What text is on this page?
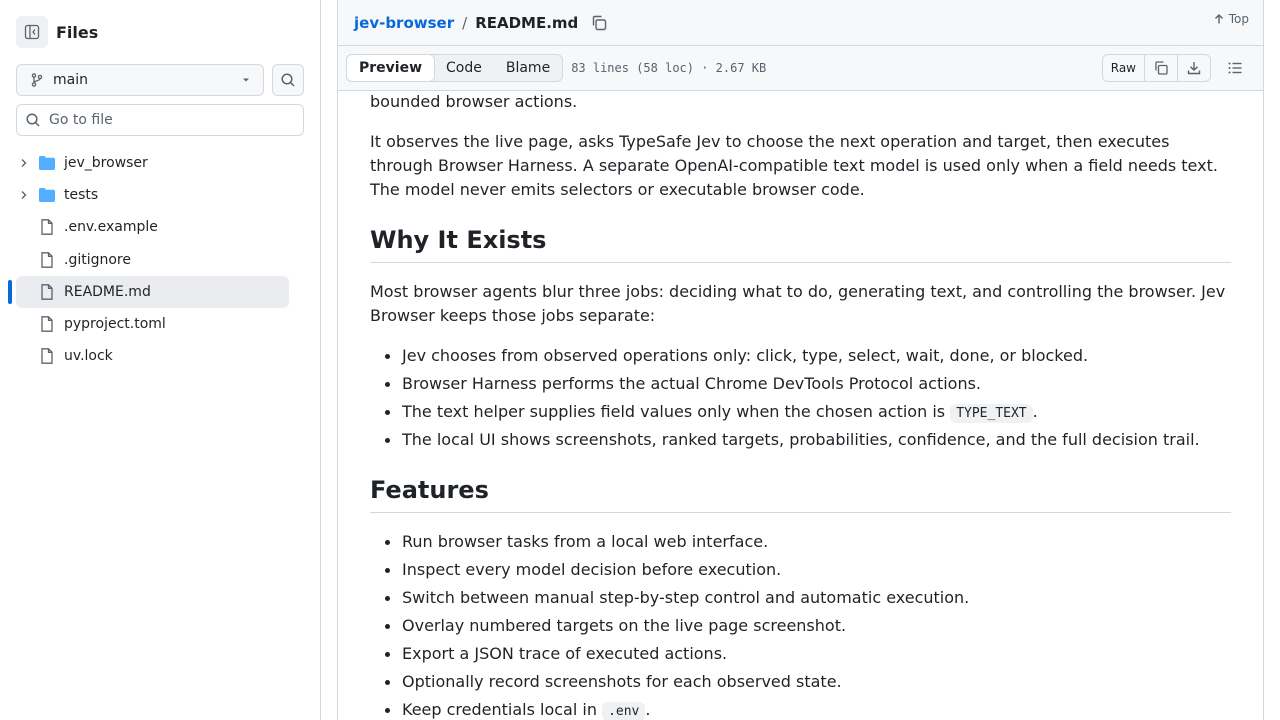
Files
main
Go to file
jev_browser
tests
.env.example
.gitignore
README.md
pyproject.toml
uv.lock
jev-browser / README.md	Top
Preview	Code	Blame	83 lines (58 loc) · 2.67 KB	Raw
bounded browser actions.
It observes the live page, asks TypeSafe Jev to choose the next operation and target, then executes through Browser Harness. A separate OpenAI-compatible text model is used only when a field needs text. The model never emits selectors or executable browser code.
Why It Exists
Most browser agents blur three jobs: deciding what to do, generating text, and controlling the browser. Jev Browser keeps those jobs separate:
Jev chooses from observed operations only: click, type, select, wait, done, or blocked.
Browser Harness performs the actual Chrome DevTools Protocol actions.
The text helper supplies field values only when the chosen action is TYPE_TEXT .
The local UI shows screenshots, ranked targets, probabilities, confidence, and the full decision trail.
Features
Run browser tasks from a local web interface.
Inspect every model decision before execution.
Switch between manual step-by-step control and automatic execution.
Overlay numbered targets on the live page screenshot.
Export a JSON trace of executed actions.
Optionally record screenshots for each observed state.
Keep credentials local in .env .
